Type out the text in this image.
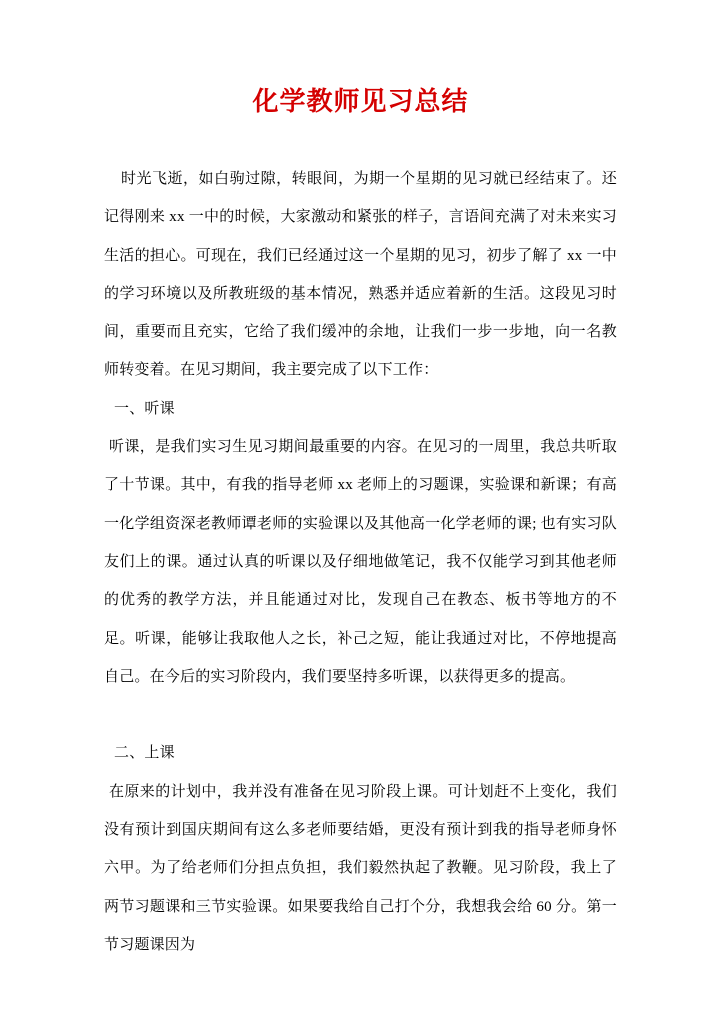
化学教师见习总结

时光飞逝，如白驹过隙，转眼间，为期一个星期的见习就已经结束了。还记得刚来 xx 一中的时候，大家激动和紧张的样子，言语间充满了对未来实习生活的担心。可现在，我们已经通过这一个星期的见习，初步了解了 xx 一中的学习环境以及所教班级的基本情况，熟悉并适应着新的生活。这段见习时间，重要而且充实，它给了我们缓冲的余地，让我们一步一步地，向一名教师转变着。在见习期间，我主要完成了以下工作：

一、听课

听课，是我们实习生见习期间最重要的内容。在见习的一周里，我总共听取了十节课。其中，有我的指导老师 xx 老师上的习题课，实验课和新课；有高一化学组资深老教师谭老师的实验课以及其他高一化学老师的课; 也有实习队友们上的课。通过认真的听课以及仔细地做笔记，我不仅能学习到其他老师的优秀的教学方法，并且能通过对比，发现自己在教态、板书等地方的不足。听课，能够让我取他人之长，补己之短，能让我通过对比，不停地提高自己。在今后的实习阶段内，我们要坚持多听课，以获得更多的提高。

二、上课

在原来的计划中，我并没有准备在见习阶段上课。可计划赶不上变化，我们没有预计到国庆期间有这么多老师要结婚，更没有预计到我的指导老师身怀六甲。为了给老师们分担点负担，我们毅然执起了教鞭。见习阶段，我上了两节习题课和三节实验课。如果要我给自己打个分，我想我会给 60 分。第一节习题课因为
